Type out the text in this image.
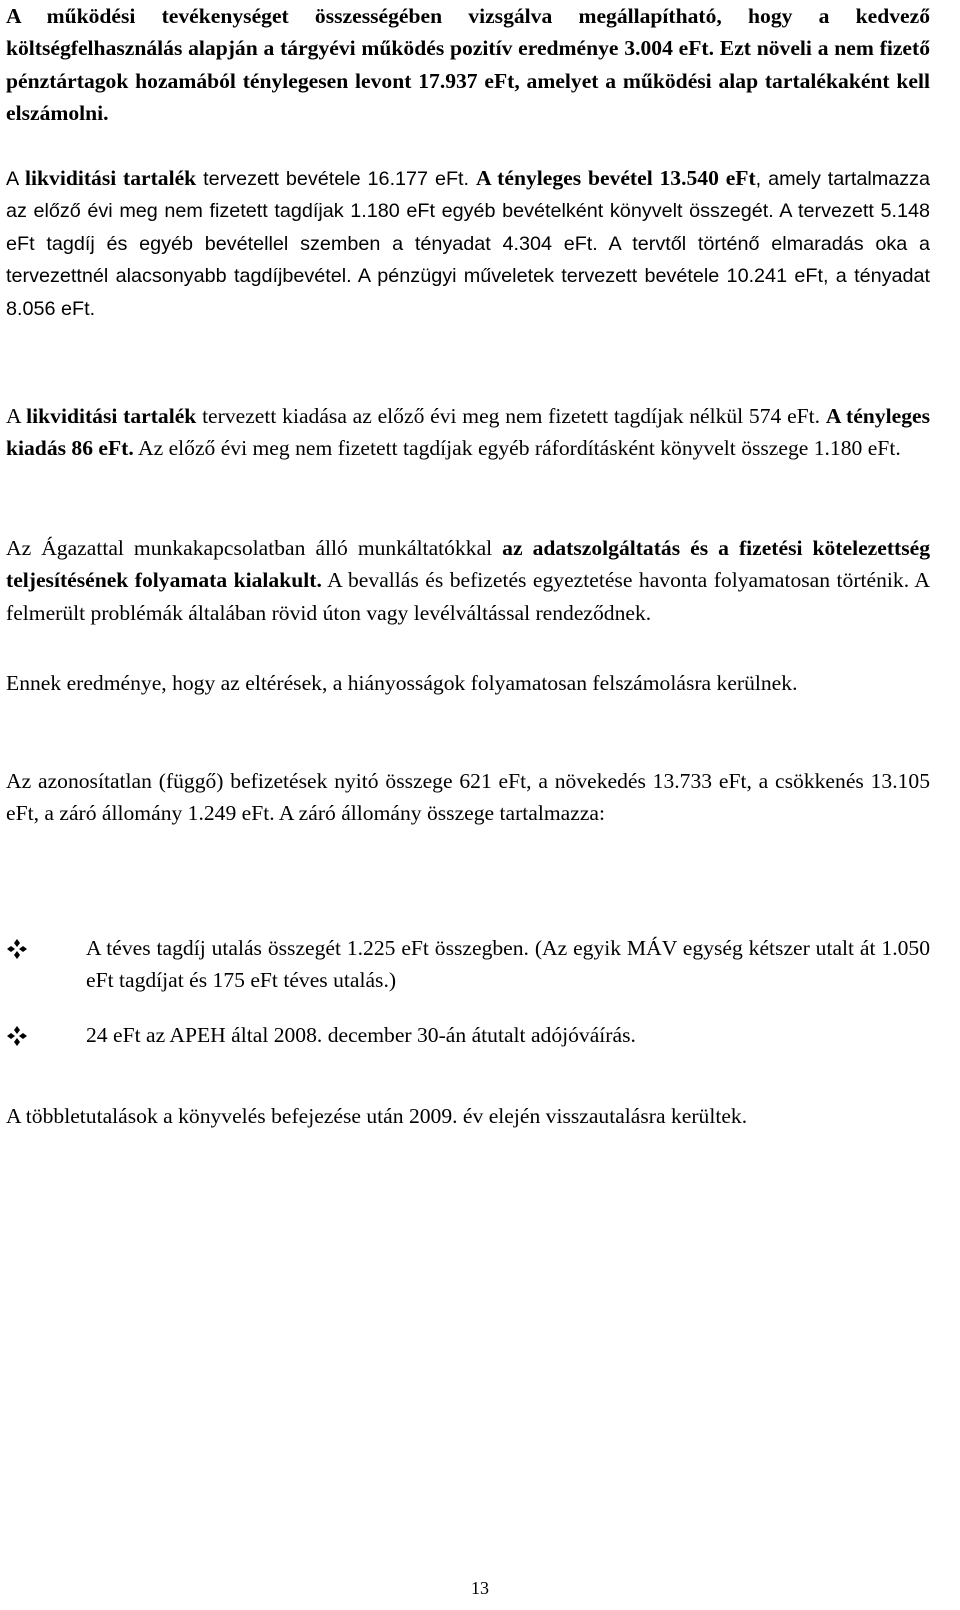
A működési tevékenységet összességében vizsgálva megállapítható, hogy a kedvező költségfelhasználás alapján a tárgyévi működés pozitív eredménye 3.004 eFt. Ezt növeli a nem fizető pénztártagok hozamából ténylegesen levont 17.937 eFt, amelyet a működési alap tartalékaként kell elszámolni.

A likviditási tartalék tervezett bevétele 16.177 eFt. A tényleges bevétel 13.540 eFt, amely tartalmazza az előző évi meg nem fizetett tagdíjak 1.180 eFt egyéb bevételként könyvelt összegét. A tervezett 5.148 eFt tagdíj és egyéb bevétellel szemben a tényadat 4.304 eFt. A tervtől történő elmaradás oka a tervezettnél alacsonyabb tagdíjbevétel. A pénzügyi műveletek tervezett bevétele 10.241 eFt, a tényadat 8.056 eFt.

A likviditási tartalék tervezett kiadása az előző évi meg nem fizetett tagdíjak nélkül 574 eFt. A tényleges kiadás 86 eFt. Az előző évi meg nem fizetett tagdíjak egyéb ráfordításként könyvelt összege 1.180 eFt.

Az Ágazattal munkakapcsolatban álló munkáltatókkal az adatszolgáltatás és a fizetési kötelezettség teljesítésének folyamata kialakult. A bevallás és befizetés egyeztetése havonta folyamatosan történik. A felmerült problémák általában rövid úton vagy levélváltással rendeződnek.

Ennek eredménye, hogy az eltérések, a hiányosságok folyamatosan felszámolásra kerülnek.

Az azonosítatlan (függő) befizetések nyitó összege 621 eFt, a növekedés 13.733 eFt, a csökkenés 13.105 eFt, a záró állomány 1.249 eFt. A záró állomány összege tartalmazza:

A téves tagdíj utalás összegét 1.225 eFt összegben. (Az egyik MÁV egység kétszer utalt át 1.050 eFt tagdíjat és 175 eFt téves utalás.)
24 eFt az APEH által 2008. december 30-án átutalt adójóváírás.

A többletutalások a könyvelés befejezése után 2009. év elején visszautalásra kerültek.

13
